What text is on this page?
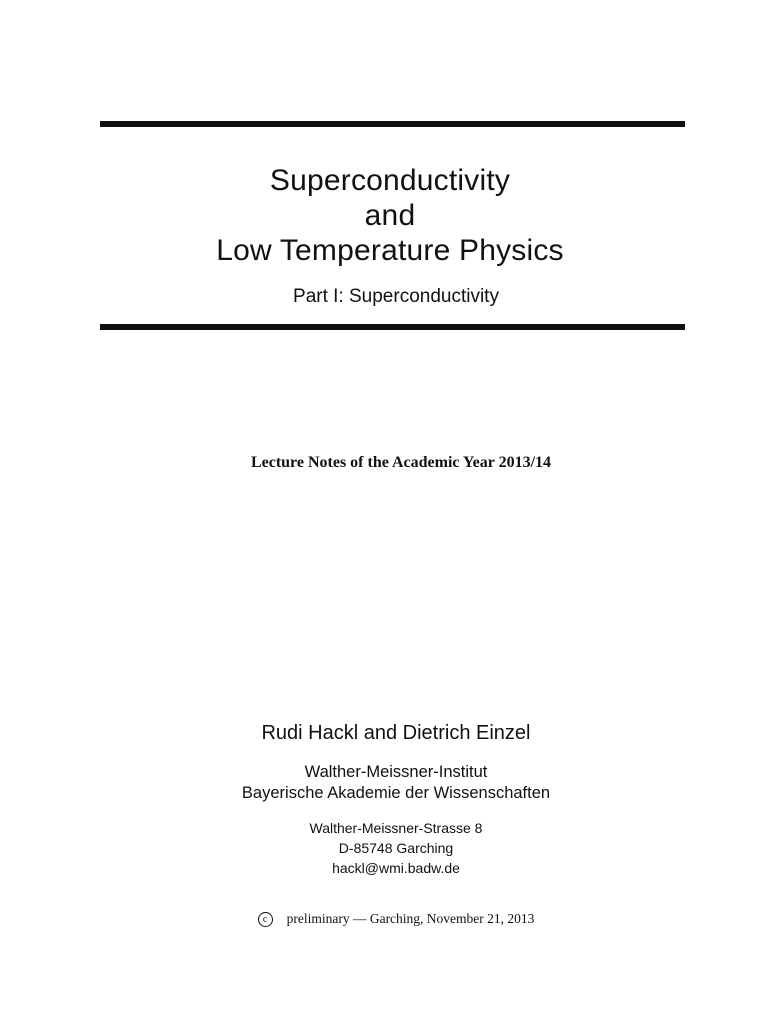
Superconductivity
and
Low Temperature Physics
Part I: Superconductivity
Lecture Notes of the Academic Year 2013/14
Rudi Hackl and Dietrich Einzel
Walther-Meissner-Institut
Bayerische Akademie der Wissenschaften
Walther-Meissner-Strasse 8
D-85748 Garching
hackl@wmi.badw.de
c preliminary — Garching, November 21, 2013
